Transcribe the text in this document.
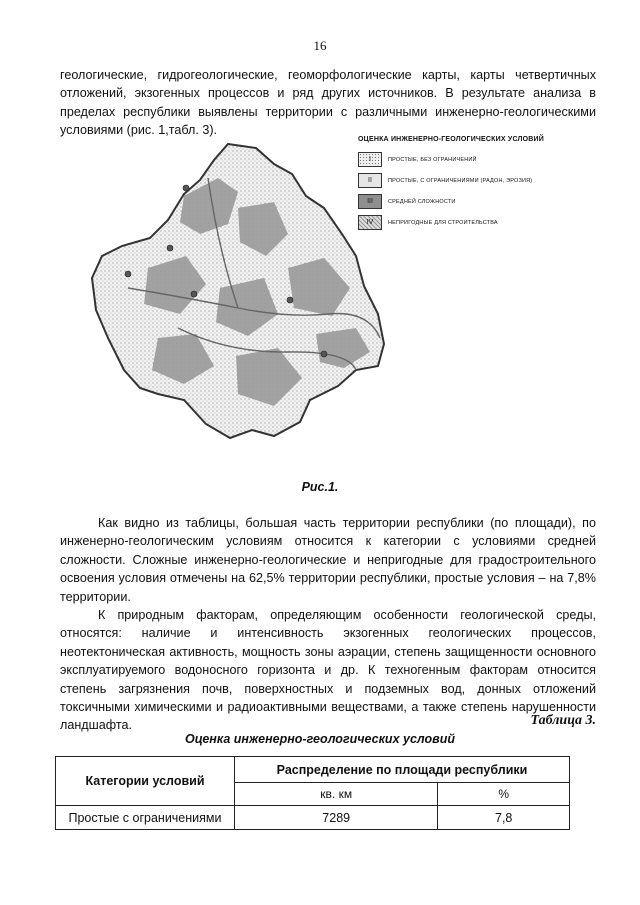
16

геологические, гидрогеологические, геоморфологические карты, карты четвертичных отложений, экзогенных процессов и ряд других источников. В результате анализа в пределах республики выявлены территории с различными инженерно-геологическими условиями (рис. 1,табл. 3).

ОЦЕНКА ИНЖЕНЕРНО-ГЕОЛОГИЧЕСКИХ УСЛОВИЙ
I	ПРОСТЫЕ, БЕЗ ОГРАНИЧЕНИЙ
II	ПРОСТЫЕ, С ОГРАНИЧЕНИЯМИ (РАДОН, ЭРОЗИЯ)
III	СРЕДНЕЙ СЛОЖНОСТИ
IV	НЕПРИГОДНЫЕ ДЛЯ СТРОИТЕЛЬСТВА
Рис.1.

Как видно из таблицы, большая часть территории республики (по площади), по инженерно-геологическим условиям относится к категории с условиями средней сложности. Сложные инженерно-геологические и непригодные для градостроительного освоения условия отмечены на 62,5% территории республики, простые условия – на 7,8% территории.

К природным факторам, определяющим особенности геологической среды, относятся: наличие и интенсивность экзогенных геологических процессов, неотектоническая активность, мощность зоны аэрации, степень защищенности основного эксплуатируемого водоносного горизонта и др. К техногенным факторам относится степень загрязнения почв, поверхностных и подземных вод, донных отложений токсичными химическими и радиоактивными веществами, а также степень нарушенности ландшафта.	Таблица 3.
Оценка инженерно-геологических условий
Категории условий	Распределение по площади республики	
	кв. км	%
Простые с ограничениями	7289	7,8
